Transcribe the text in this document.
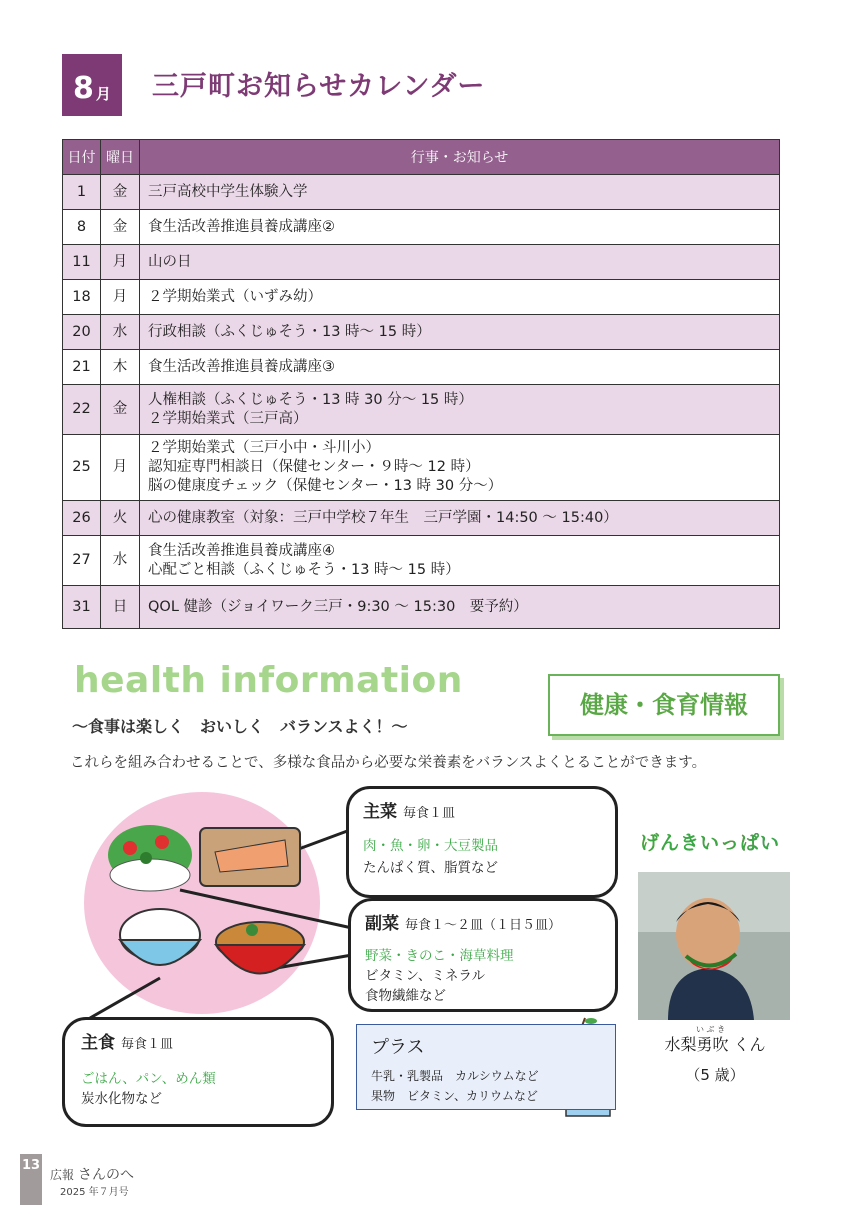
8 月 三戸町お知らせカレンダー
日付	曜日	行事・お知らせ
1	金	三戸高校中学生体験入学

8	金	食生活改善推進員養成講座②

11	月	山の日

18	月	２学期始業式（いずみ幼）

20	水	行政相談（ふくじゅそう・13 時～ 15 時）

21	木	食生活改善推進員養成講座③

22	金	人権相談（ふくじゅそう・13 時 30 分～ 15 時）
２学期始業式（三戸高）

25	月	２学期始業式（三戸小中・斗川小）
認知症専門相談日（保健センター・９時～ 12 時）
脳の健康度チェック（保健センター・13 時 30 分～）

26	火	心の健康教室（対象：三戸中学校７年生　三戸学園・14:50 ～ 15:40）

27	水	食生活改善推進員養成講座④
心配ごと相談（ふくじゅそう・13 時～ 15 時）

31	日	QOL 健診（ジョイワーク三戸・9:30 ～ 15:30　要予約）
health information
健康・食育情報
～食事は楽しく　おいしく　バランスよく！～
これらを組み合わせることで、多様な食品から必要な栄養素をバランスよくとることができます。
主菜 毎食１皿
肉・魚・卵・大豆製品
たんぱく質、脂質など
副菜 毎食１～２皿（１日５皿）
野菜・きのこ・海草料理
ビタミン、ミネラル
食物繊維など
主食 毎食１皿
ごはん、パン、めん類
炭水化物など
プラス
牛乳・乳製品　カルシウムなど
果物　ビタミン、カリウムなど
げんきいっぱい
い ぶ き
水梨勇吹 くん
（5 歳）
13
広報 さんのへ
2025 年７月号
